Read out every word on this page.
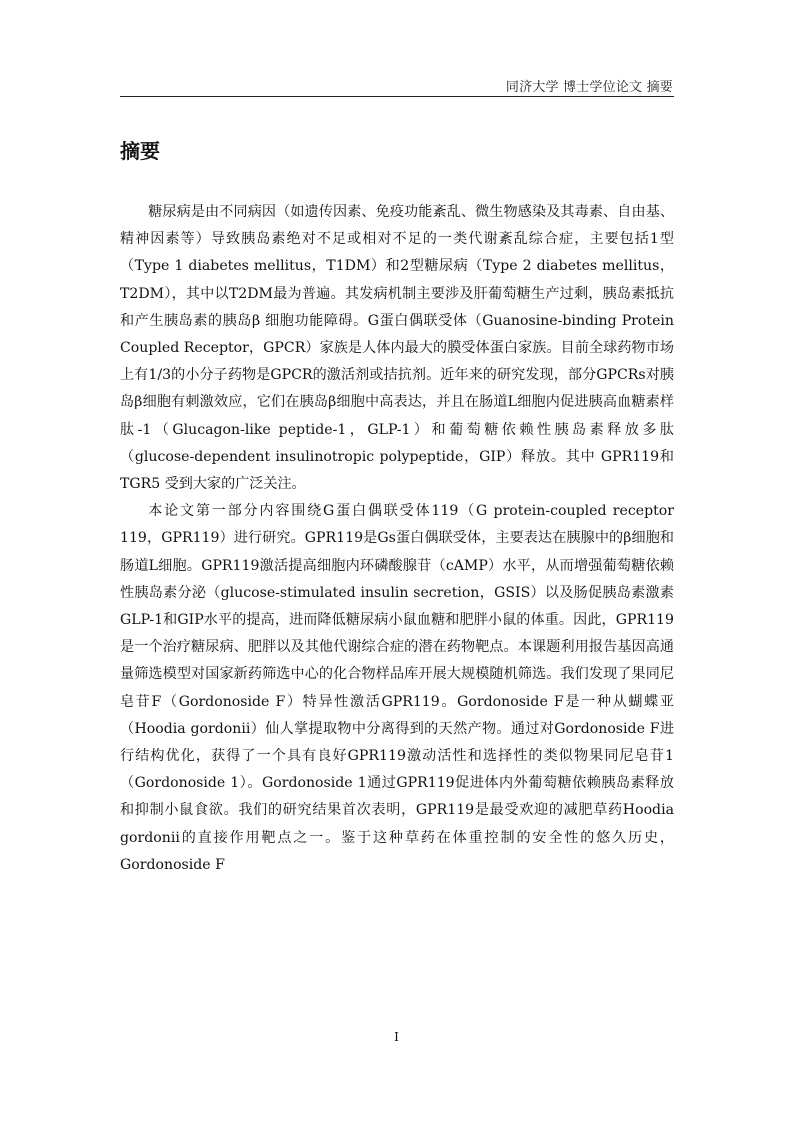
同济大学 博士学位论文 摘要
摘要

糖尿病是由不同病因（如遗传因素、免疫功能紊乱、微生物感染及其毒素、自由基、精神因素等）导致胰岛素绝对不足或相对不足的一类代谢紊乱综合症，主要包括1型（Type 1 diabetes mellitus，T1DM）和2型糖尿病（Type 2 diabetes mellitus，T2DM），其中以T2DM最为普遍。其发病机制主要涉及肝葡萄糖生产过剩，胰岛素抵抗和产生胰岛素的胰岛β 细胞功能障碍。G蛋白偶联受体（Guanosine-binding Protein Coupled Receptor，GPCR）家族是人体内最大的膜受体蛋白家族。目前全球药物市场上有1/3的小分子药物是GPCR的激活剂或拮抗剂。近年来的研究发现，部分GPCRs对胰岛β细胞有刺激效应，它们在胰岛β细胞中高表达，并且在肠道L细胞内促进胰高血糖素样肽-1（Glucagon-like peptide-1，GLP-1）和葡萄糖依赖性胰岛素释放多肽（glucose-dependent insulinotropic polypeptide，GIP）释放。其中 GPR119和TGR5 受到大家的广泛关注。

本论文第一部分内容围绕G蛋白偶联受体119（G protein-coupled receptor 119，GPR119）进行研究。GPR119是Gs蛋白偶联受体，主要表达在胰腺中的β细胞和肠道L细胞。GPR119激活提高细胞内环磷酸腺苷（cAMP）水平，从而增强葡萄糖依赖性胰岛素分泌（glucose-stimulated insulin secretion，GSIS）以及肠促胰岛素激素GLP-1和GIP水平的提高，进而降低糖尿病小鼠血糖和肥胖小鼠的体重。因此，GPR119是一个治疗糖尿病、肥胖以及其他代谢综合症的潜在药物靶点。本课题利用报告基因高通量筛选模型对国家新药筛选中心的化合物样品库开展大规模随机筛选。我们发现了果同尼皂苷F（Gordonoside F）特异性激活GPR119。Gordonoside F是一种从蝴蝶亚（Hoodia gordonii）仙人掌提取物中分离得到的天然产物。通过对Gordonoside F进行结构优化，获得了一个具有良好GPR119激动活性和选择性的类似物果同尼皂苷1（Gordonoside 1）。Gordonoside 1通过GPR119促进体内外葡萄糖依赖胰岛素释放和抑制小鼠食欲。我们的研究结果首次表明，GPR119是最受欢迎的减肥草药Hoodia gordonii的直接作用靶点之一。鉴于这种草药在体重控制的安全性的悠久历史，Gordonoside F

I
